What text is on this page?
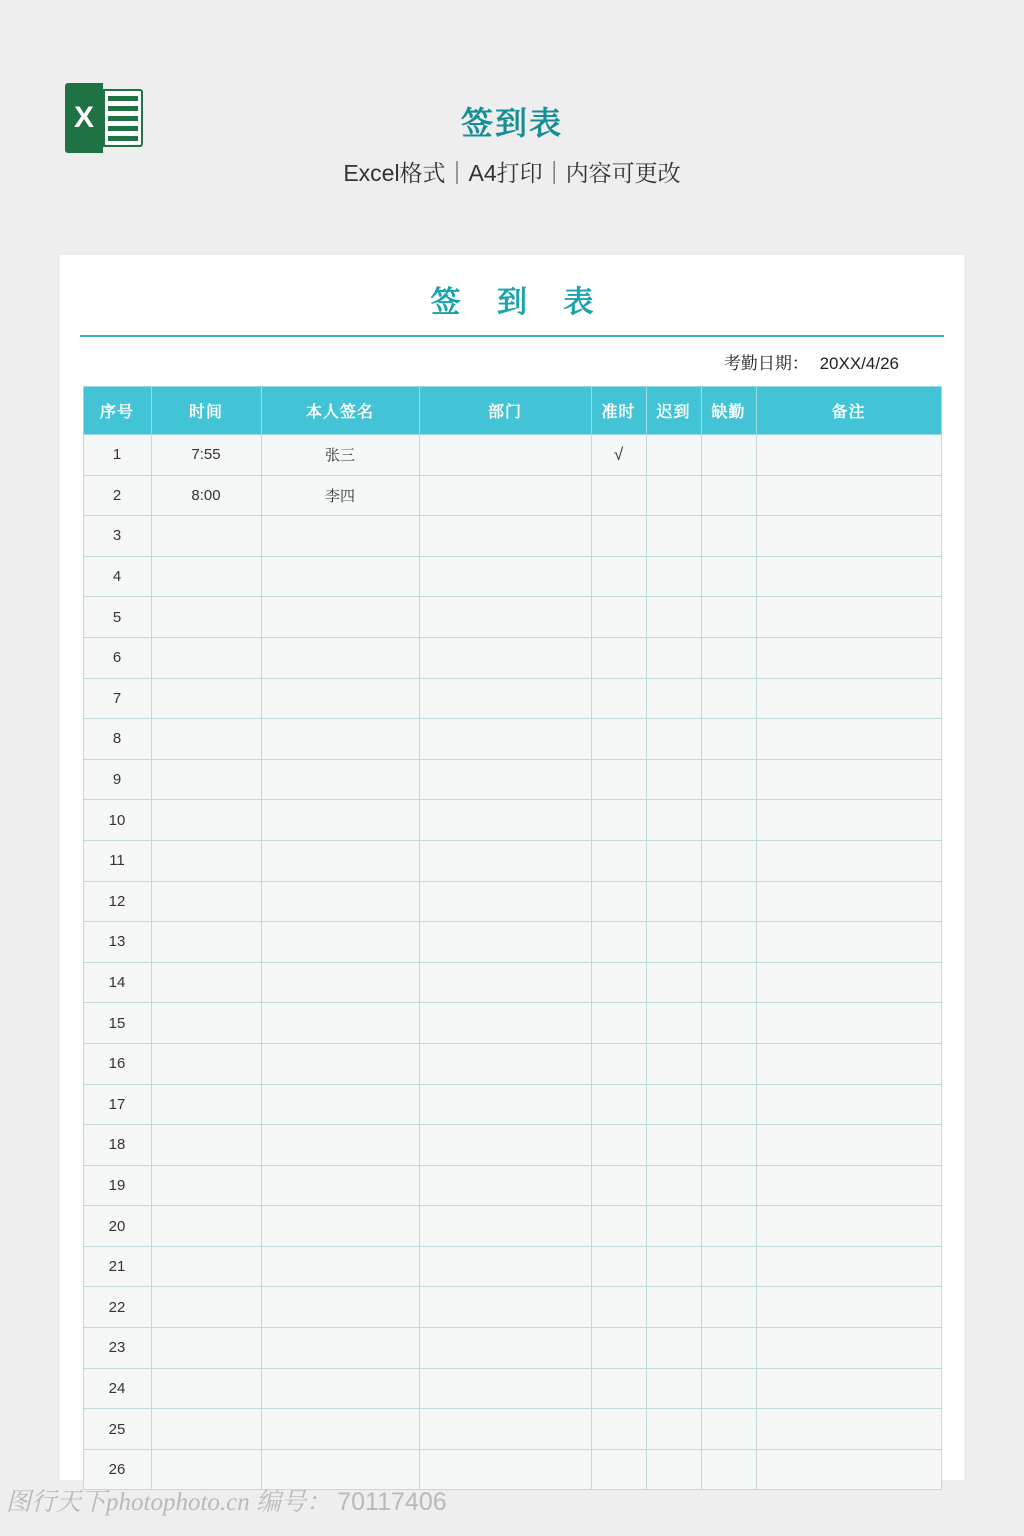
X	签到表
Excel格式｜A4打印｜内容可更改
签 到 表
考勤日期： 20XX/4/26
序号	时间	本人签名	部门	准时	迟到	缺勤	备注
1	7:55	张三		√			
2	8:00	李四					
3							
4							
5							
6							
7							
8							
9							
10							
11							
12							
13							
14							
15							
16							
17							
18							
19							
20							
21							
22							
23							
24							
25							
26							
图行天下photophoto.cn 编号： 70117406
